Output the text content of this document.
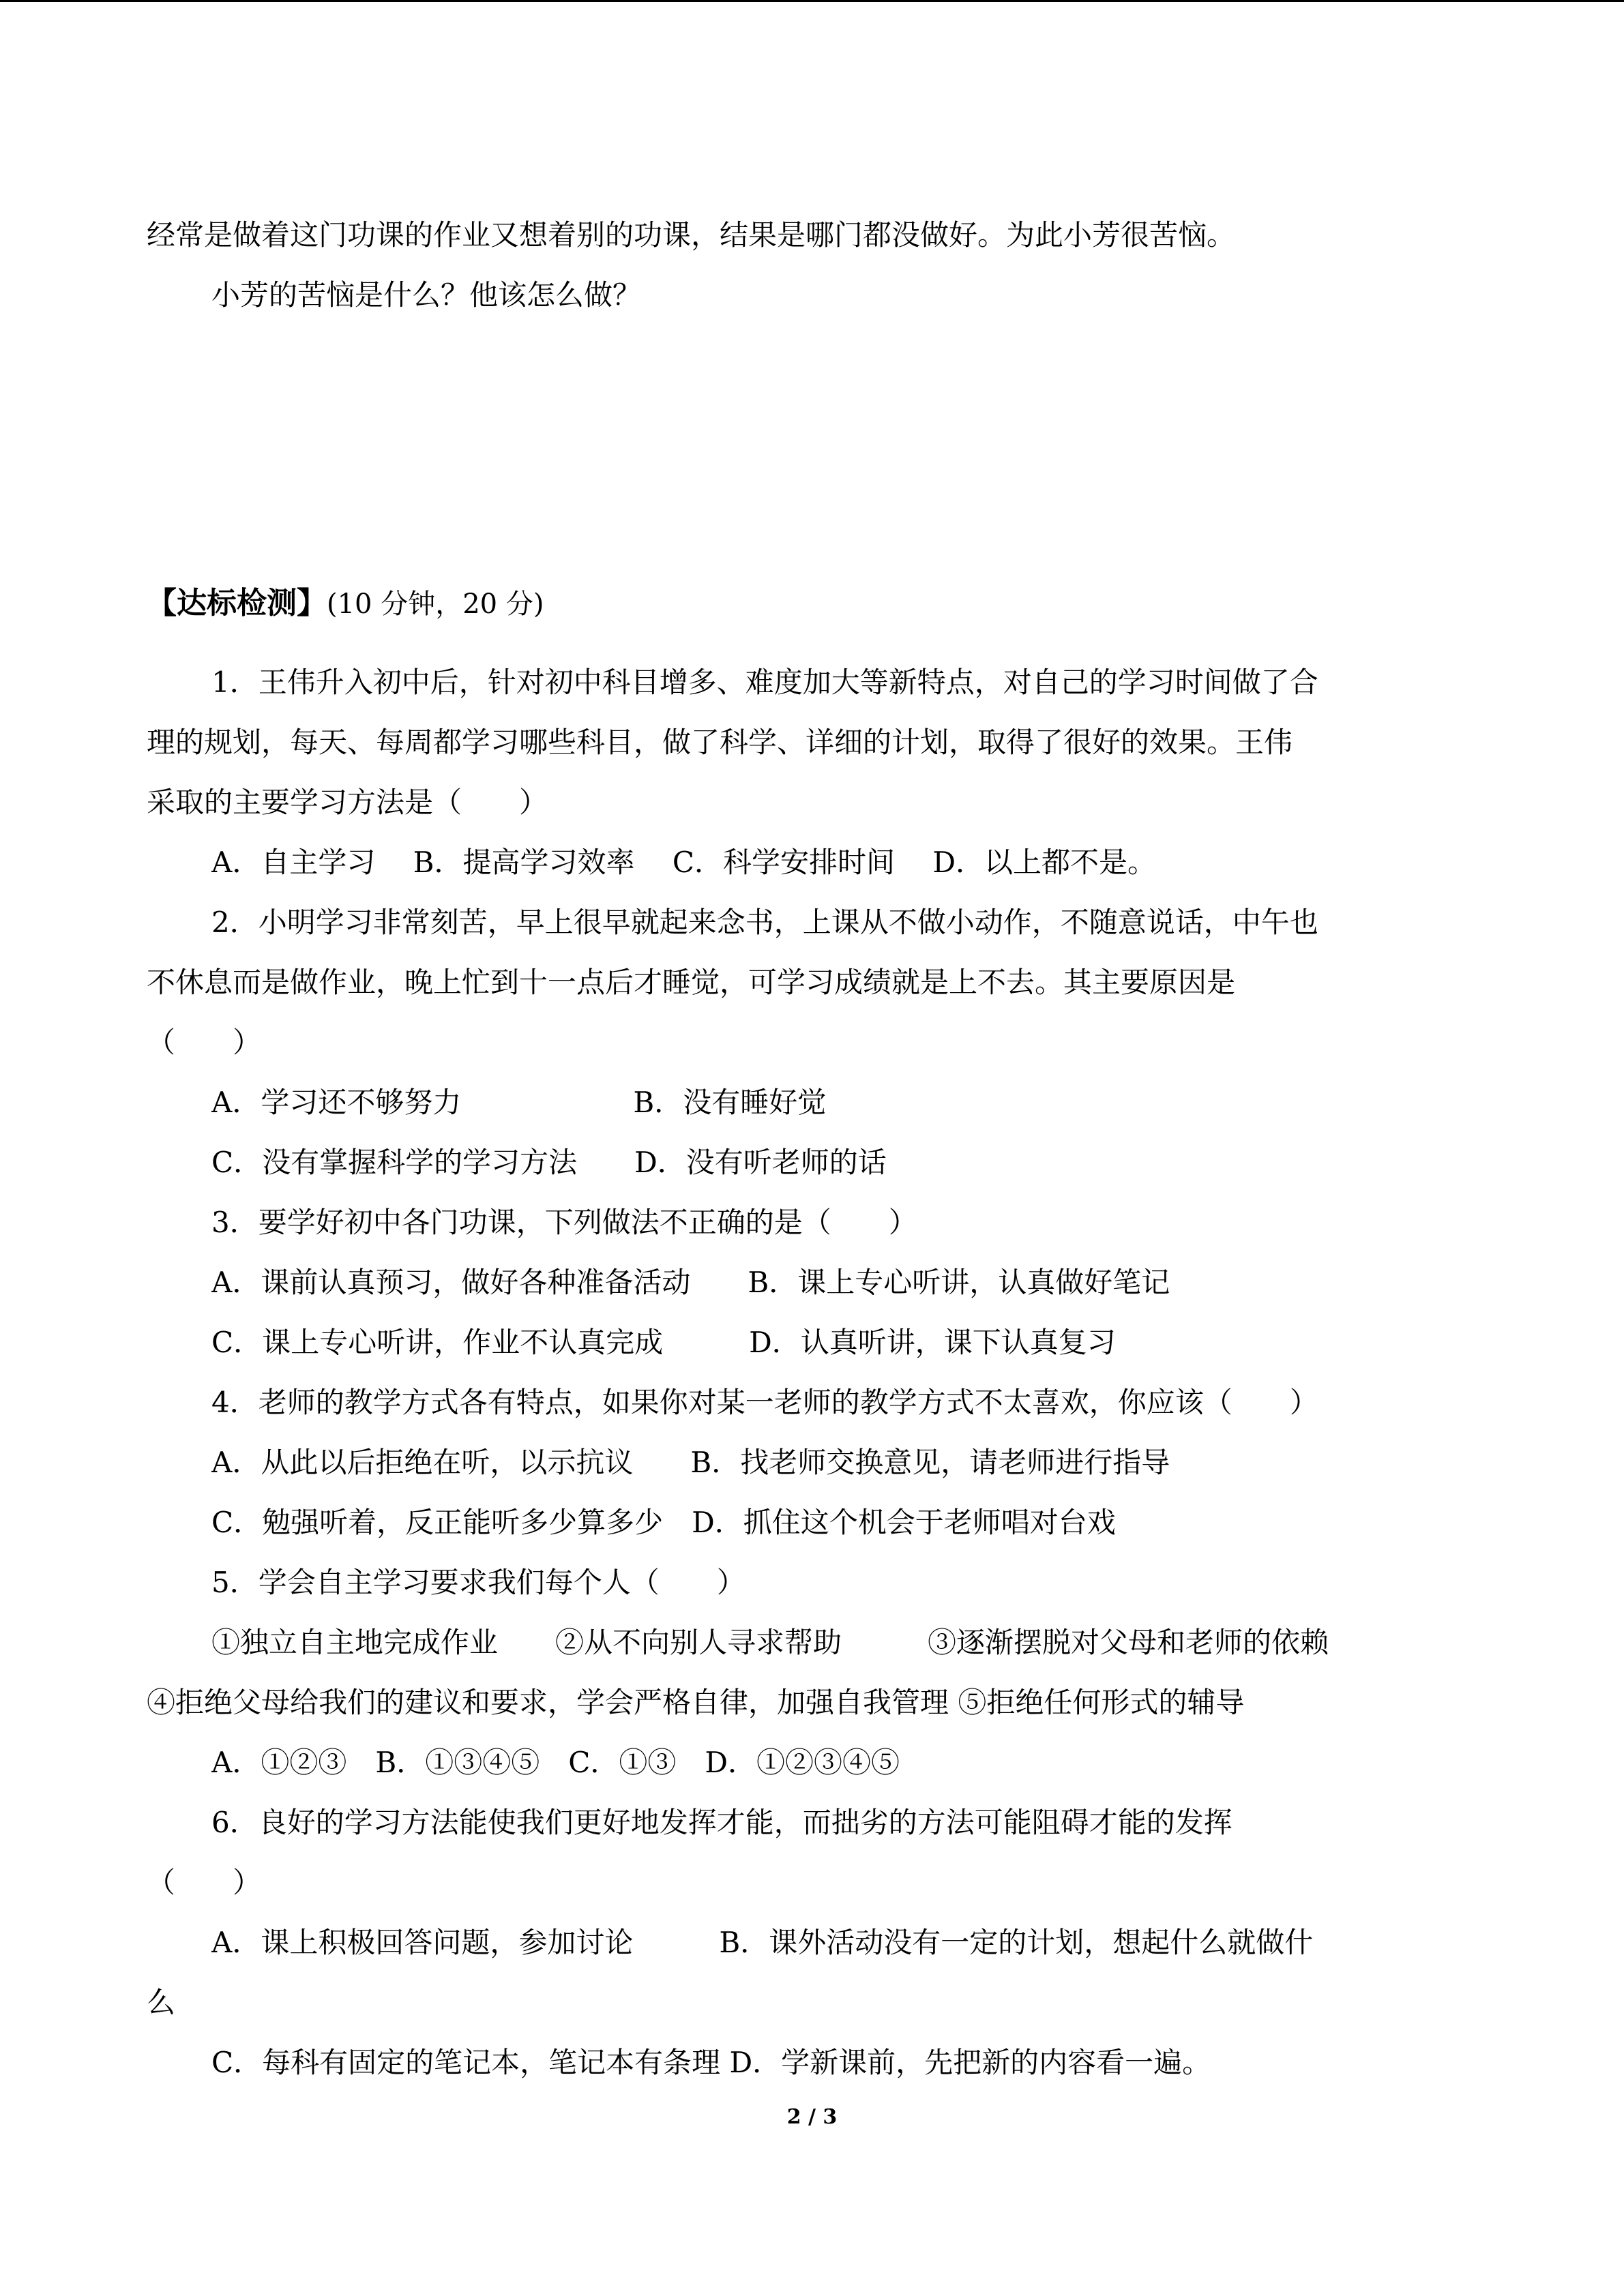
经常是做着这门功课的作业又想着别的功课，结果是哪门都没做好。为此小芳很苦恼。
小芳的苦恼是什么？他该怎么做？
【达标检测】(10 分钟，20 分)
1．王伟升入初中后，针对初中科目增多、难度加大等新特点，对自己的学习时间做了合
理的规划，每天、每周都学习哪些科目，做了科学、详细的计划，取得了很好的效果。王伟
采取的主要学习方法是（　　）
A．自主学习　 B．提高学习效率　 C．科学安排时间　 D．以上都不是。
2．小明学习非常刻苦，早上很早就起来念书，上课从不做小动作，不随意说话，中午也
不休息而是做作业，晚上忙到十一点后才睡觉，可学习成绩就是上不去。其主要原因是
（　　）
A．学习还不够努力　　　　　　B．没有睡好觉
C．没有掌握科学的学习方法　　D．没有听老师的话
3．要学好初中各门功课，下列做法不正确的是（　　）
A．课前认真预习，做好各种准备活动　　B．课上专心听讲，认真做好笔记
C．课上专心听讲，作业不认真完成　　　D．认真听讲，课下认真复习
4．老师的教学方式各有特点，如果你对某一老师的教学方式不太喜欢，你应该（　　）
A．从此以后拒绝在听，以示抗议　　B．找老师交换意见，请老师进行指导
C．勉强听着，反正能听多少算多少　D．抓住这个机会于老师唱对台戏
5．学会自主学习要求我们每个人（　　）
①独立自主地完成作业　　②从不向别人寻求帮助　　　③逐渐摆脱对父母和老师的依赖
④拒绝父母给我们的建议和要求，学会严格自律，加强自我管理 ⑤拒绝任何形式的辅导
A．①②③　B．①③④⑤　C．①③　D．①②③④⑤
6．良好的学习方法能使我们更好地发挥才能，而拙劣的方法可能阻碍才能的发挥
（　　）
A．课上积极回答问题，参加讨论　　　B．课外活动没有一定的计划，想起什么就做什
么
C．每科有固定的笔记本，笔记本有条理 D．学新课前，先把新的内容看一遍。
2 / 3
